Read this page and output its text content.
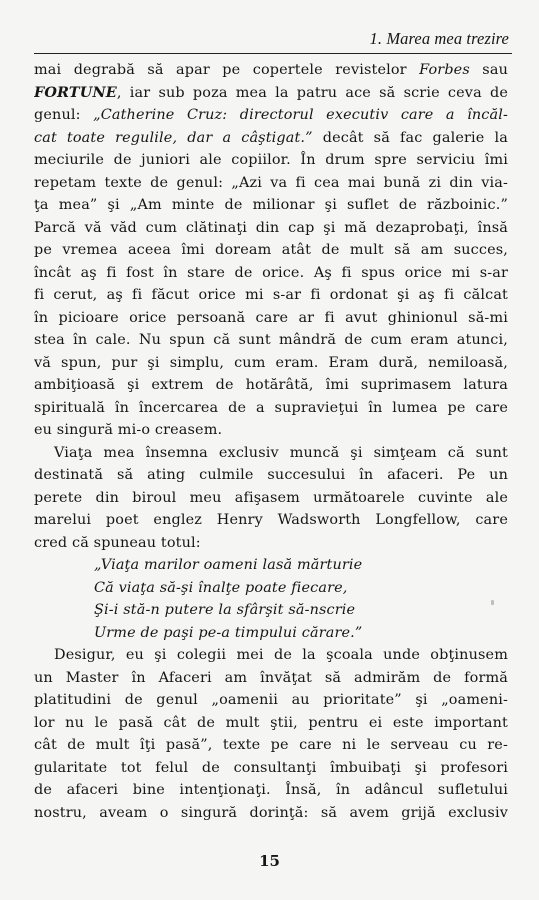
1. Marea mea trezire
mai degrabă să apar pe copertele revistelor Forbes sau
FORTUNE, iar sub poza mea la patru ace să scrie ceva de
genul: „Catherine Cruz: directorul executiv care a încăl-
cat toate regulile, dar a câştigat.” decât să fac galerie la
meciurile de juniori ale copiilor. În drum spre serviciu îmi
repetam texte de genul: „Azi va fi cea mai bună zi din via-
ţa mea” şi „Am minte de milionar şi suflet de războinic.”
Parcă vă văd cum clătinaţi din cap şi mă dezaprobaţi, însă
pe vremea aceea îmi doream atât de mult să am succes,
încât aş fi fost în stare de orice. Aş fi spus orice mi s-ar
fi cerut, aş fi făcut orice mi s-ar fi ordonat şi aş fi călcat
în picioare orice persoană care ar fi avut ghinionul să-mi
stea în cale. Nu spun că sunt mândră de cum eram atunci,
vă spun, pur şi simplu, cum eram. Eram dură, nemiloasă,
ambiţioasă şi extrem de hotărâtă, îmi suprimasem latura
spirituală în încercarea de a supravieţui în lumea pe care
eu singură mi-o creasem.
Viaţa mea însemna exclusiv muncă şi simţeam că sunt
destinată să ating culmile succesului în afaceri. Pe un
perete din biroul meu afişasem următoarele cuvinte ale
marelui poet englez Henry Wadsworth Longfellow, care
cred că spuneau totul:
„Viaţa marilor oameni lasă mărturie
Că viaţa să-şi înalţe poate fiecare,
Şi-i stă-n putere la sfârşit să-nscrie
Urme de paşi pe-a timpului cărare.”
Desigur, eu şi colegii mei de la şcoala unde obţinusem
un Master în Afaceri am învăţat să admirăm de formă
platitudini de genul „oamenii au prioritate” şi „oameni-
lor nu le pasă cât de mult ştii, pentru ei este important
cât de mult îţi pasă”, texte pe care ni le serveau cu re-
gularitate tot felul de consultanţi îmbuibaţi şi profesori
de afaceri bine intenţionaţi. Însă, în adâncul sufletului
nostru, aveam o singură dorinţă: să avem grijă exclusiv
15
